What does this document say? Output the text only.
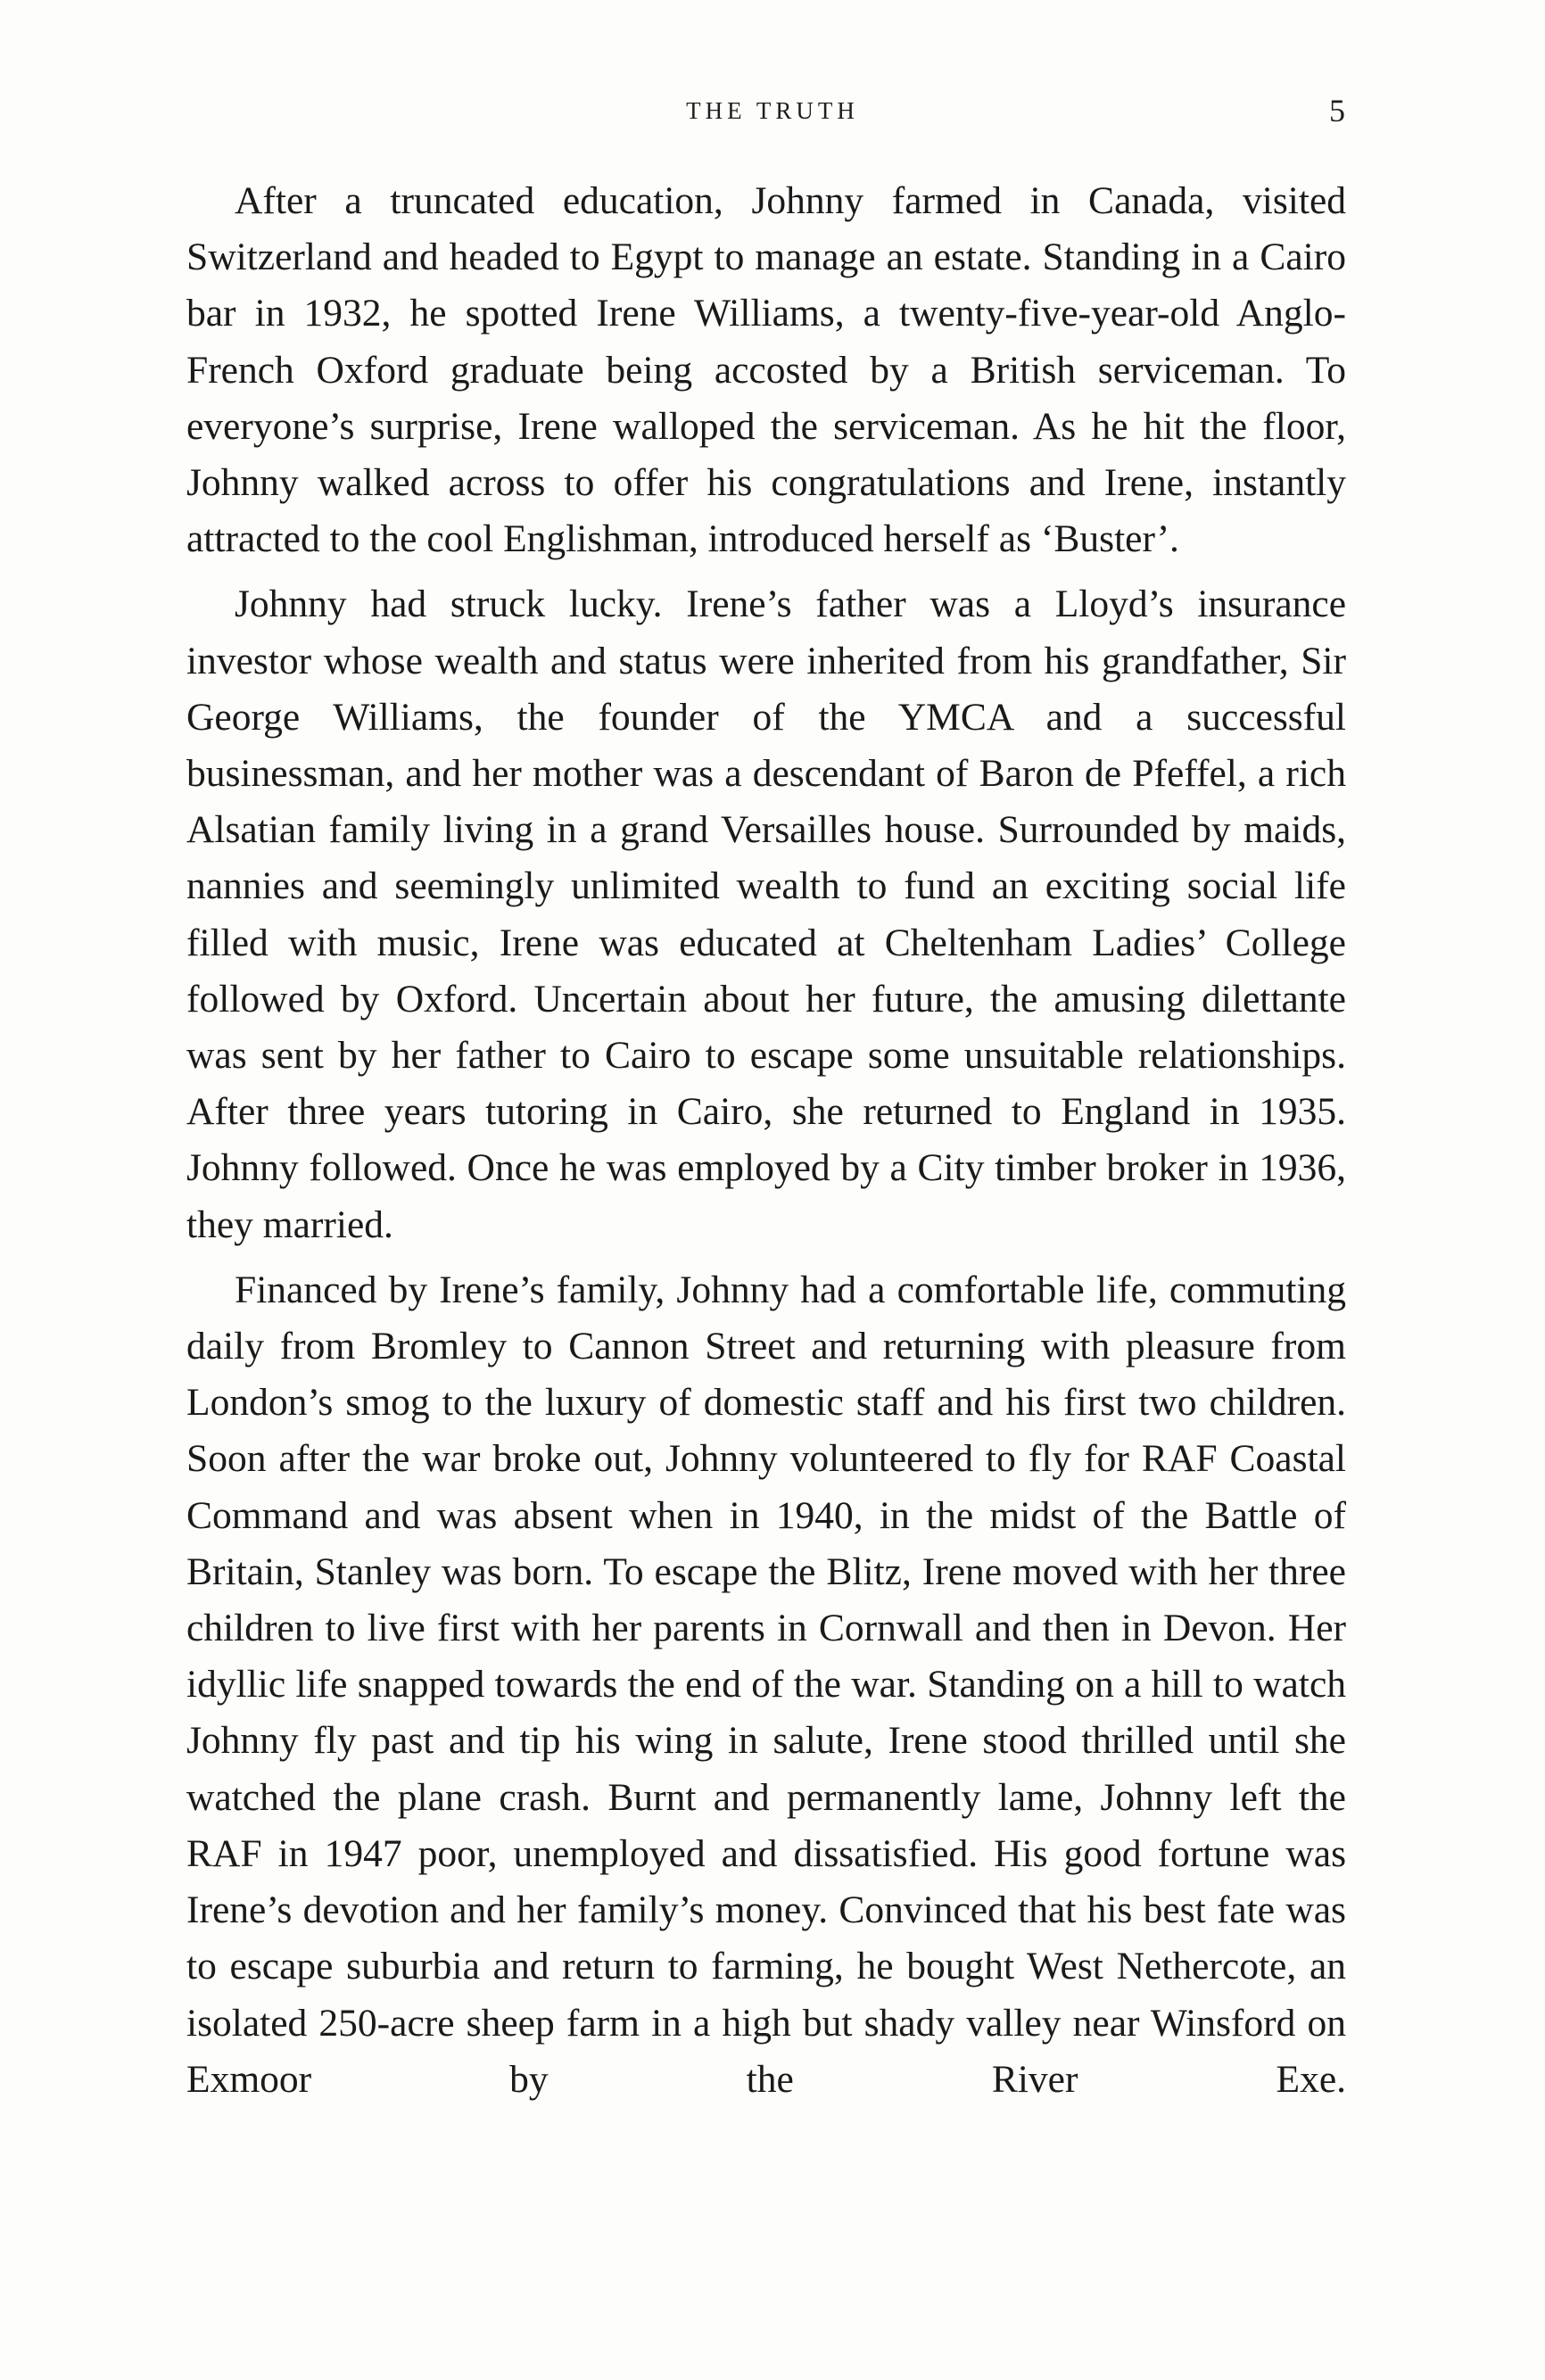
THE TRUTH	5

After a truncated education, Johnny farmed in Canada, visited Switzerland and headed to Egypt to manage an estate. Standing in a Cairo bar in 1932, he spotted Irene Williams, a twenty-five-year-old Anglo-French Oxford graduate being accosted by a British serviceman. To everyone’s surprise, Irene walloped the serviceman. As he hit the floor, Johnny walked across to offer his congratulations and Irene, instantly attracted to the cool Englishman, introduced herself as ‘Buster’.

Johnny had struck lucky. Irene’s father was a Lloyd’s insurance investor whose wealth and status were inherited from his grandfather, Sir George Williams, the founder of the YMCA and a successful businessman, and her mother was a descendant of Baron de Pfeffel, a rich Alsatian family living in a grand Versailles house. Surrounded by maids, nannies and seemingly unlimited wealth to fund an exciting social life filled with music, Irene was educated at Cheltenham Ladies’ College followed by Oxford. Uncertain about her future, the amusing dilettante was sent by her father to Cairo to escape some unsuitable relationships. After three years tutoring in Cairo, she returned to England in 1935. Johnny followed. Once he was employed by a City timber broker in 1936, they married.

Financed by Irene’s family, Johnny had a comfortable life, commuting daily from Bromley to Cannon Street and returning with pleasure from London’s smog to the luxury of domestic staff and his first two children. Soon after the war broke out, Johnny volunteered to fly for RAF Coastal Command and was absent when in 1940, in the midst of the Battle of Britain, Stanley was born. To escape the Blitz, Irene moved with her three children to live first with her parents in Cornwall and then in Devon. Her idyllic life snapped towards the end of the war. Standing on a hill to watch Johnny fly past and tip his wing in salute, Irene stood thrilled until she watched the plane crash. Burnt and permanently lame, Johnny left the RAF in 1947 poor, unemployed and dissatisfied. His good fortune was Irene’s devotion and her family’s money. Convinced that his best fate was to escape suburbia and return to farming, he bought West Nethercote, an isolated 250-acre sheep farm in a high but shady valley near Winsford on Exmoor by the River Exe.
